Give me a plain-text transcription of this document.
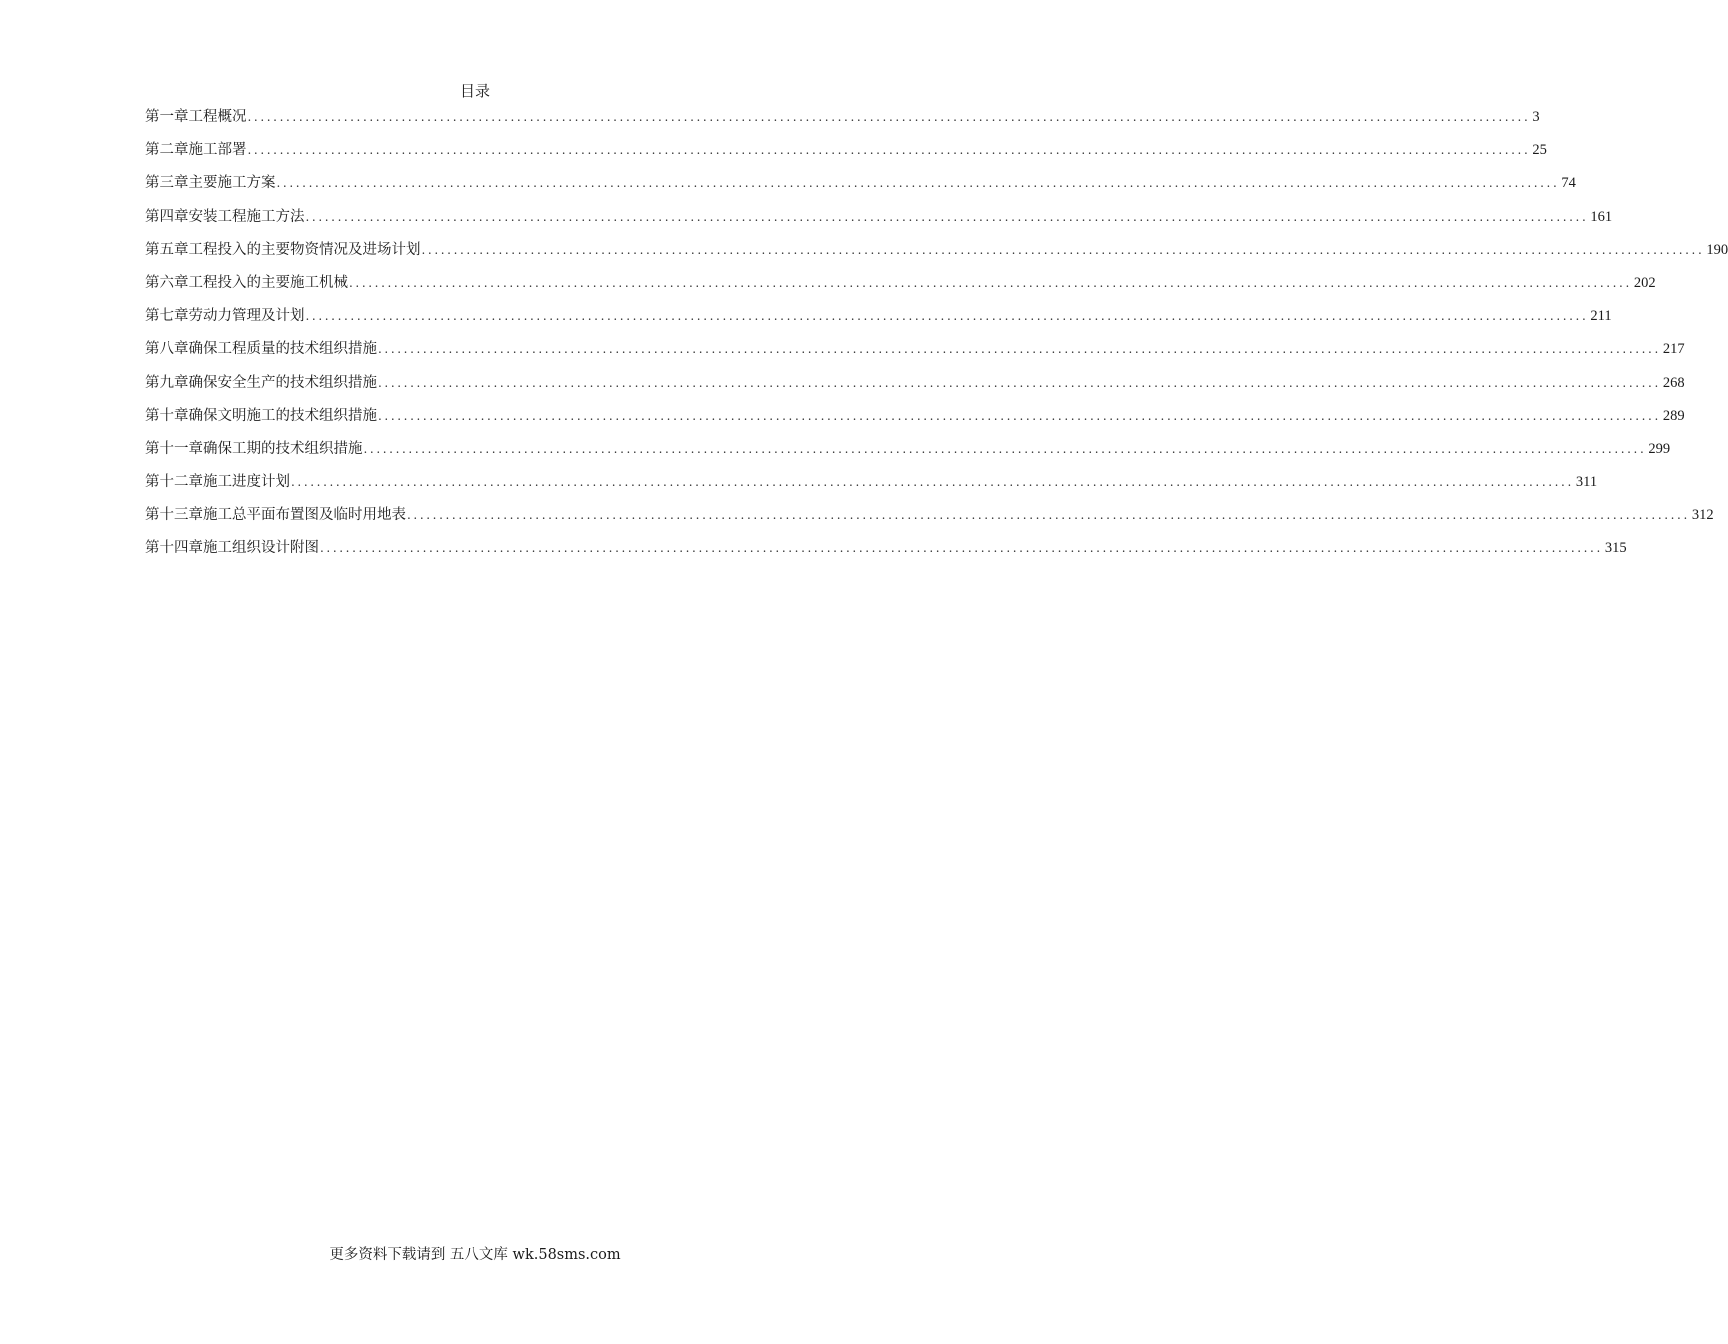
目录
第一章 工程概况 ........................................................................................................................................................................................................ 3
第二章 施工部署 ........................................................................................................................................................................................................ 25
第三章 主要施工方案 ........................................................................................................................................................................................................ 74
第四章 安装工程施工方法 ........................................................................................................................................................................................................ 161
第五章 工程投入的主要物资情况及进场计划 ........................................................................................................................................................................................................ 190
第六章 工程投入的主要施工机械 ........................................................................................................................................................................................................ 202
第七章 劳动力管理及计划 ........................................................................................................................................................................................................ 211
第八章 确保工程质量的技术组织措施 ........................................................................................................................................................................................................ 217
第九章 确保安全生产的技术组织措施 ........................................................................................................................................................................................................ 268
第十章 确保文明施工的技术组织措施 ........................................................................................................................................................................................................ 289
第十一章 确保工期的技术组织措施 ........................................................................................................................................................................................................ 299
第十二章 施工进度计划 ........................................................................................................................................................................................................ 311
第十三章 施工总平面布置图及临时用地表 ........................................................................................................................................................................................................ 312
第十四章 施工组织设计附图 ........................................................................................................................................................................................................ 315
更多资料下载请到 五八文库 wk.58sms.com
